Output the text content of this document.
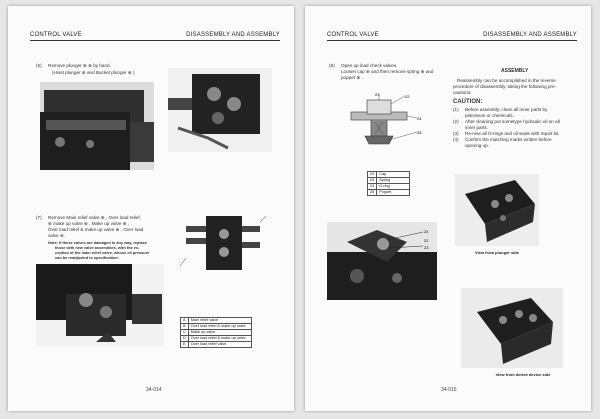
CONTROL VALVE	DISASSEMBLY AND ASSEMBLY
(6) Remove plunger ⊕ ⊕ by hand.
(Hoist plunger ⊕ and Bucket plunger ⊕ )
(7) Remove Main relief valve ⊕ , Over load relief,
⊕ make up valve ⊕ , Make up valve ⊕ ,
Over load relief & make up valve ⊕ , Over load
valve ⊕ .
Note: If these valves are damaged in any way, replace
those with new valve assemblies, with the ex-
ception of the main relief valve, whose oil pressure
can be readjusted to specification.
A	Main relief valve
B	Over load relief & make up valve
C	Make up valve
D	Over load relief & make up valve
E	Over load relief valve
34-014
CONTROL VALVE	DISASSEMBLY AND ASSEMBLY
(8) Open up load check valves.
Loosen cap ⊕ and then remove spring ⊕ and
poppet ⊕ .
23	22
24
25
22	Cap
23	Spring
24	O-ring
25	Poppet
ASSEMBLY
Reassembly can be accomplished in the reverse
procedure of disassembly, taking the following pre-
cautions:
CAUTION:
(1) Before assembly, clean all inner parts by
petroleum or chemicals.
(2) After cleaning put sometype hydraulic oil on all
inner parts.
(3) Re-new all O-rings and oil seals with repair kit.
(4) Confirm the matching marks written before
opening up.
View from plunger side
24
22
23
View from detent device side
34-015
